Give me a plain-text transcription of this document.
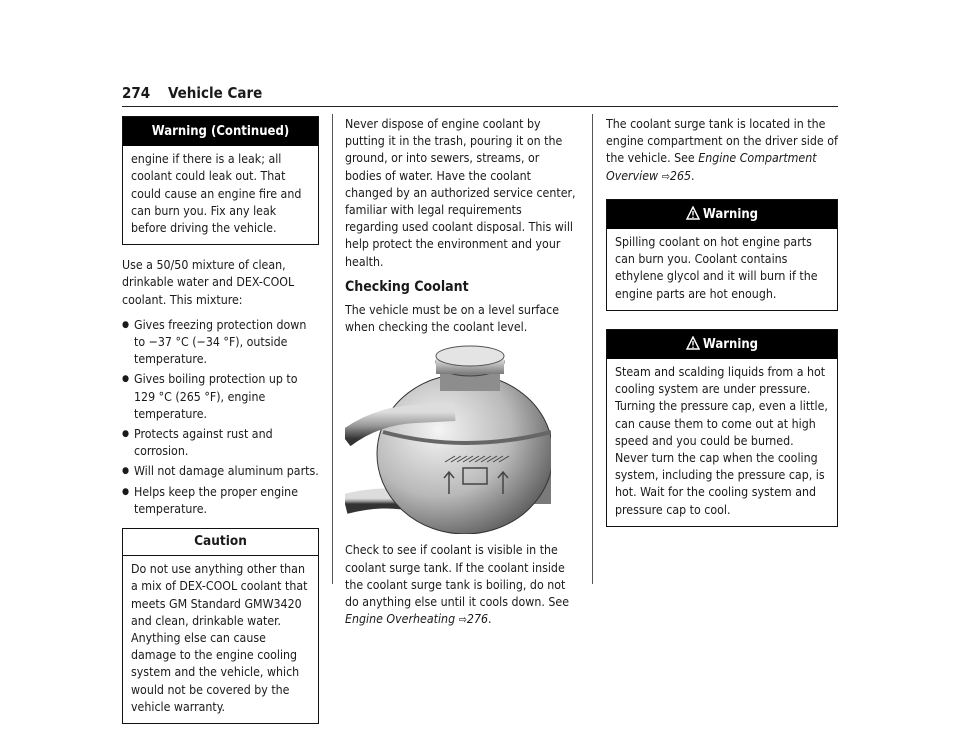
274 Vehicle Care
Warning (Continued)
engine if there is a leak; all coolant could leak out. That could cause an engine fire and can burn you. Fix any leak before driving the vehicle.

Use a 50/50 mixture of clean, drinkable water and DEX-COOL coolant. This mixture:

● Gives freezing protection down to −37 °C (−34 °F), outside temperature.
● Gives boiling protection up to 129 °C (265 °F), engine temperature.
● Protects against rust and corrosion.
● Will not damage aluminum parts.
● Helps keep the proper engine temperature.
Caution
Do not use anything other than a mix of DEX-COOL coolant that meets GM Standard GMW3420 and clean, drinkable water. Anything else can cause damage to the engine cooling system and the vehicle, which would not be covered by the vehicle warranty.

Never dispose of engine coolant by putting it in the trash, pouring it on the ground, or into sewers, streams, or bodies of water. Have the coolant changed by an authorized service center, familiar with legal requirements regarding used coolant disposal. This will help protect the environment and your health.

Checking Coolant

The vehicle must be on a level surface when checking the coolant level.

Check to see if coolant is visible in the coolant surge tank. If the coolant inside the coolant surge tank is boiling, do not do anything else until it cools down. See Engine Overheating ⇨276.

The coolant surge tank is located in the engine compartment on the driver side of the vehicle. See Engine Compartment Overview ⇨265.

Warning
Spilling coolant on hot engine parts can burn you. Coolant contains ethylene glycol and it will burn if the engine parts are hot enough.
Warning
Steam and scalding liquids from a hot cooling system are under pressure. Turning the pressure cap, even a little, can cause them to come out at high speed and you could be burned. Never turn the cap when the cooling system, including the pressure cap, is hot. Wait for the cooling system and pressure cap to cool.
